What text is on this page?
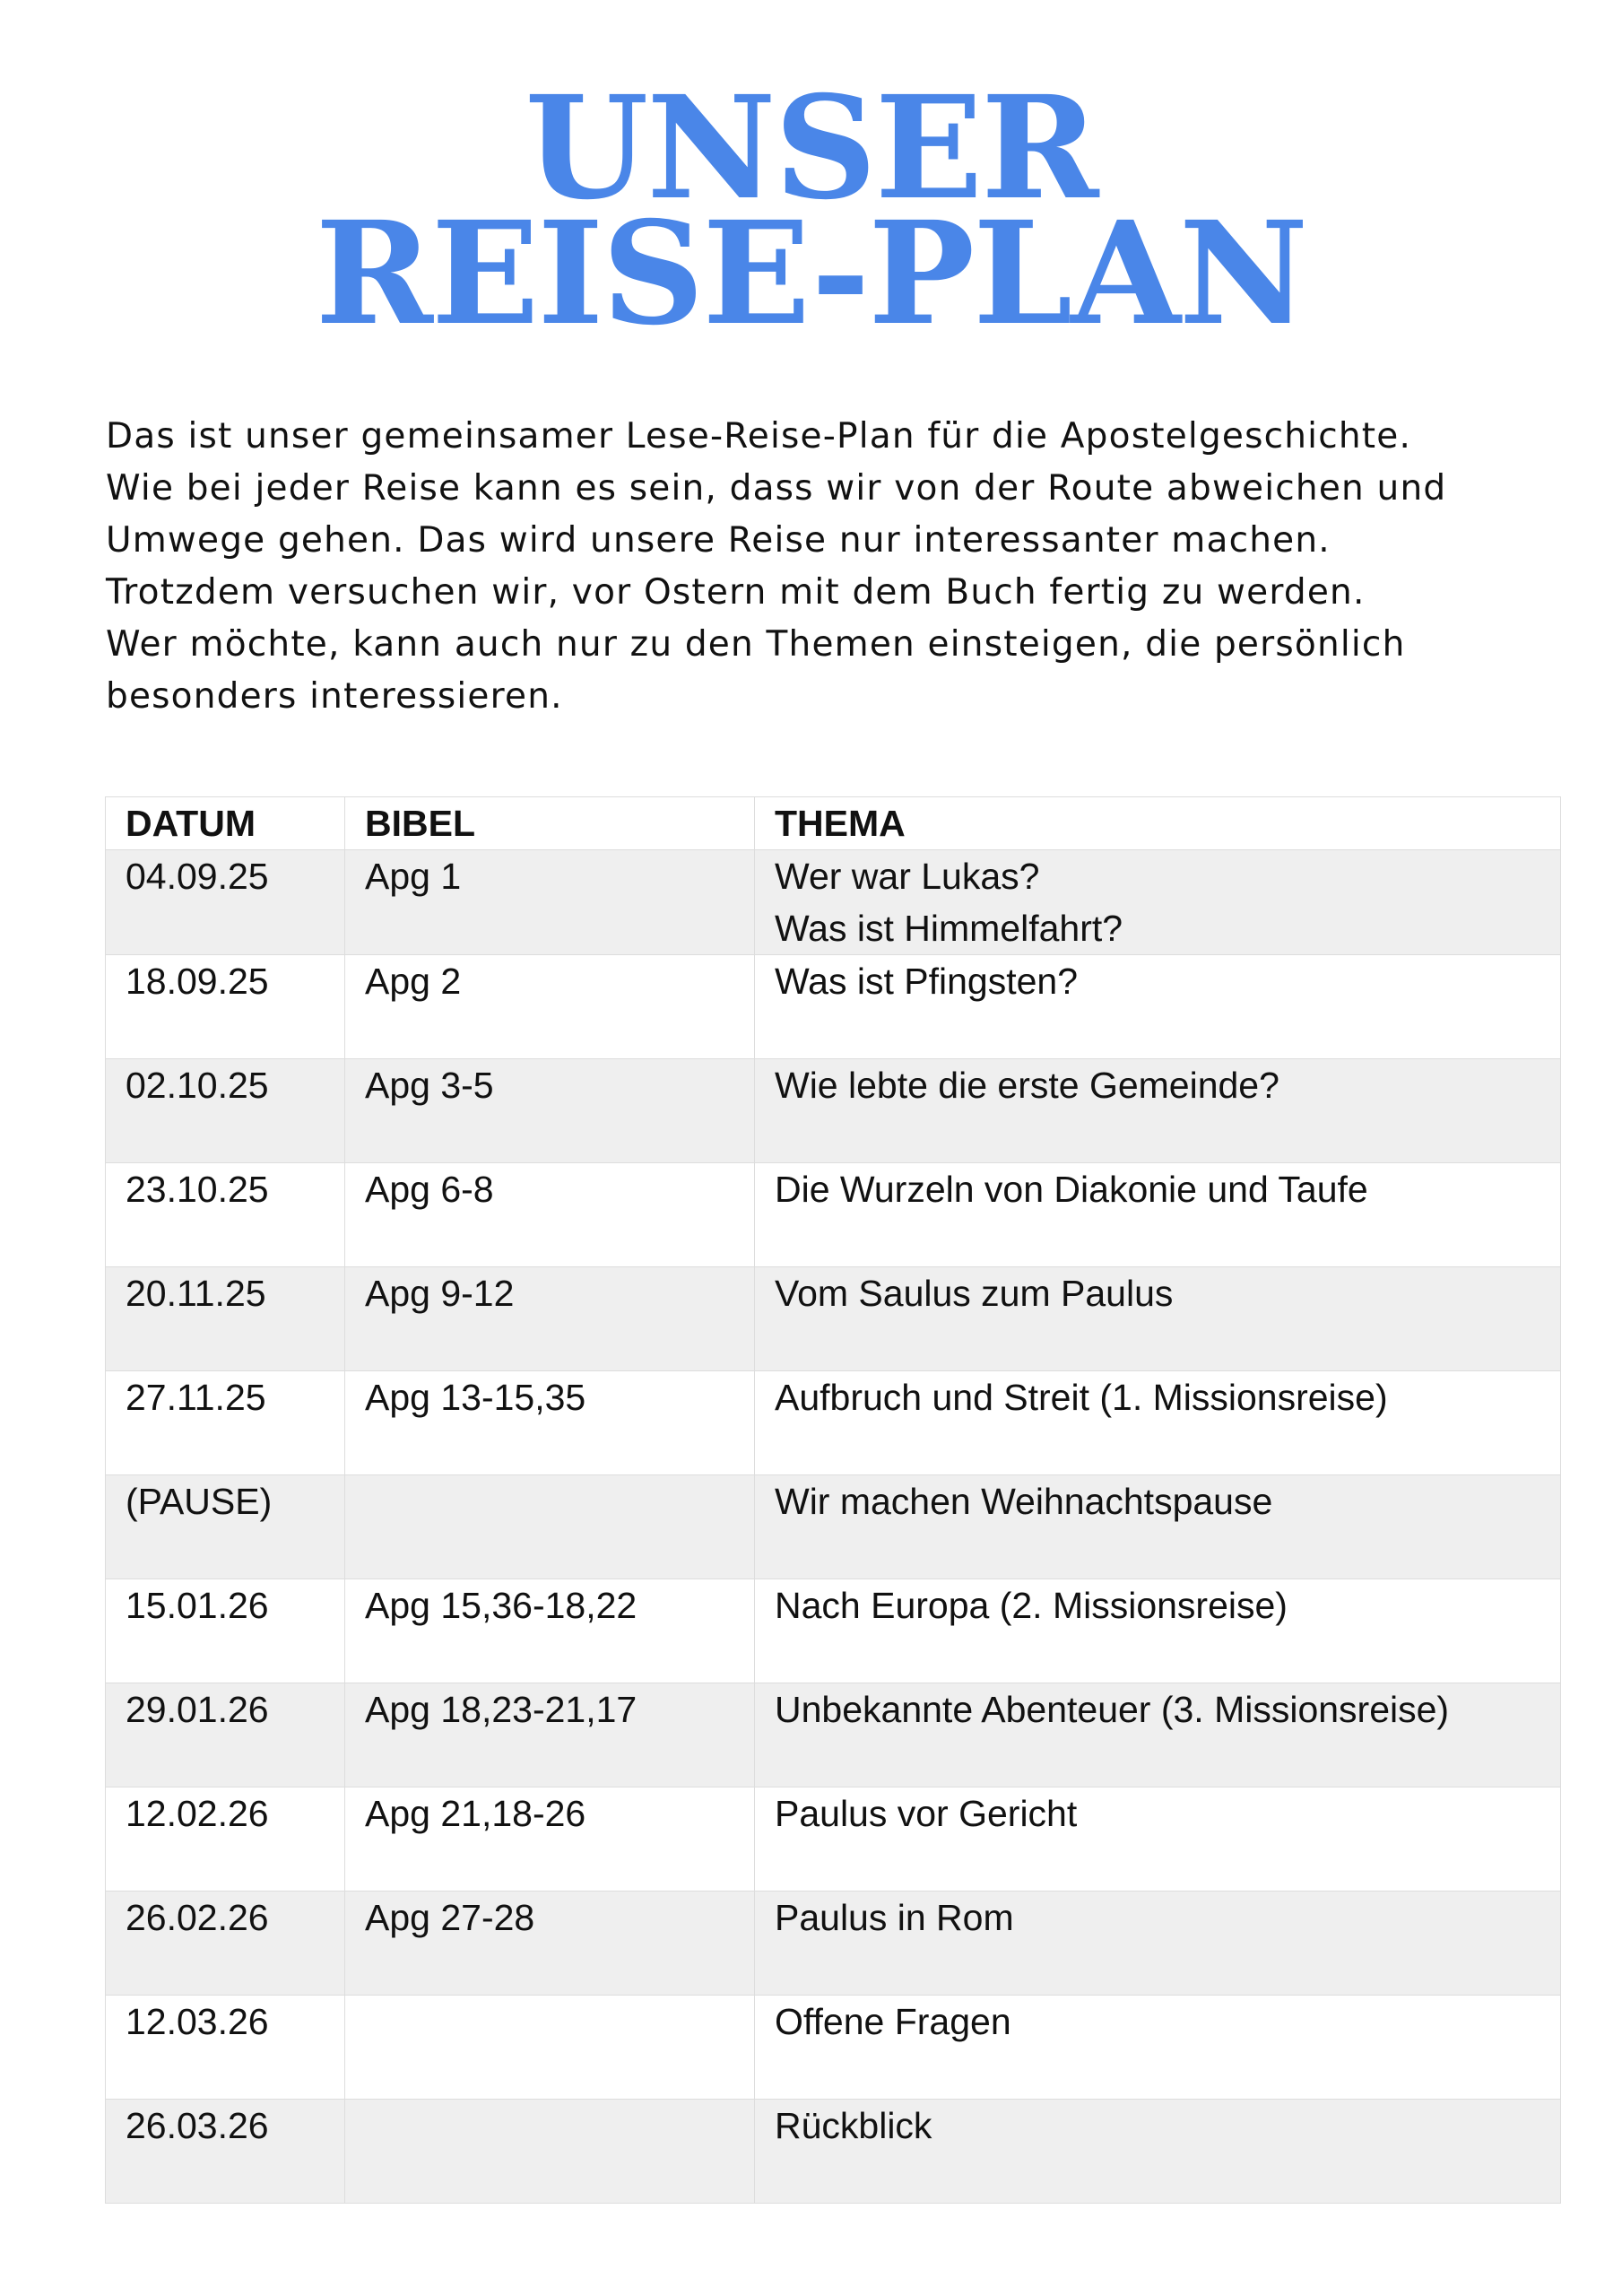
UNSER
REISE-PLAN
Das ist unser gemeinsamer Lese-Reise-Plan für die Apostelgeschichte.
Wie bei jeder Reise kann es sein, dass wir von der Route abweichen und
Umwege gehen. Das wird unsere Reise nur interessanter machen.
Trotzdem versuchen wir, vor Ostern mit dem Buch fertig zu werden.
Wer möchte, kann auch nur zu den Themen einsteigen, die persönlich
besonders interessieren.
DATUM	BIBEL	THEMA
04.09.25	Apg 1	Wer war Lukas?
Was ist Himmelfahrt?

18.09.25	Apg 2	Was ist Pfingsten?
02.10.25	Apg 3-5	Wie lebte die erste Gemeinde?
23.10.25	Apg 6-8	Die Wurzeln von Diakonie und Taufe
20.11.25	Apg 9-12	Vom Saulus zum Paulus
27.11.25	Apg 13-15,35	Aufbruch und Streit (1. Missionsreise)
(PAUSE)		Wir machen Weihnachtspause
15.01.26	Apg 15,36-18,22	Nach Europa (2. Missionsreise)
29.01.26	Apg 18,23-21,17	Unbekannte Abenteuer (3. Missionsreise)
12.02.26	Apg 21,18-26	Paulus vor Gericht
26.02.26	Apg 27-28	Paulus in Rom
12.03.26		Offene Fragen
26.03.26		Rückblick
